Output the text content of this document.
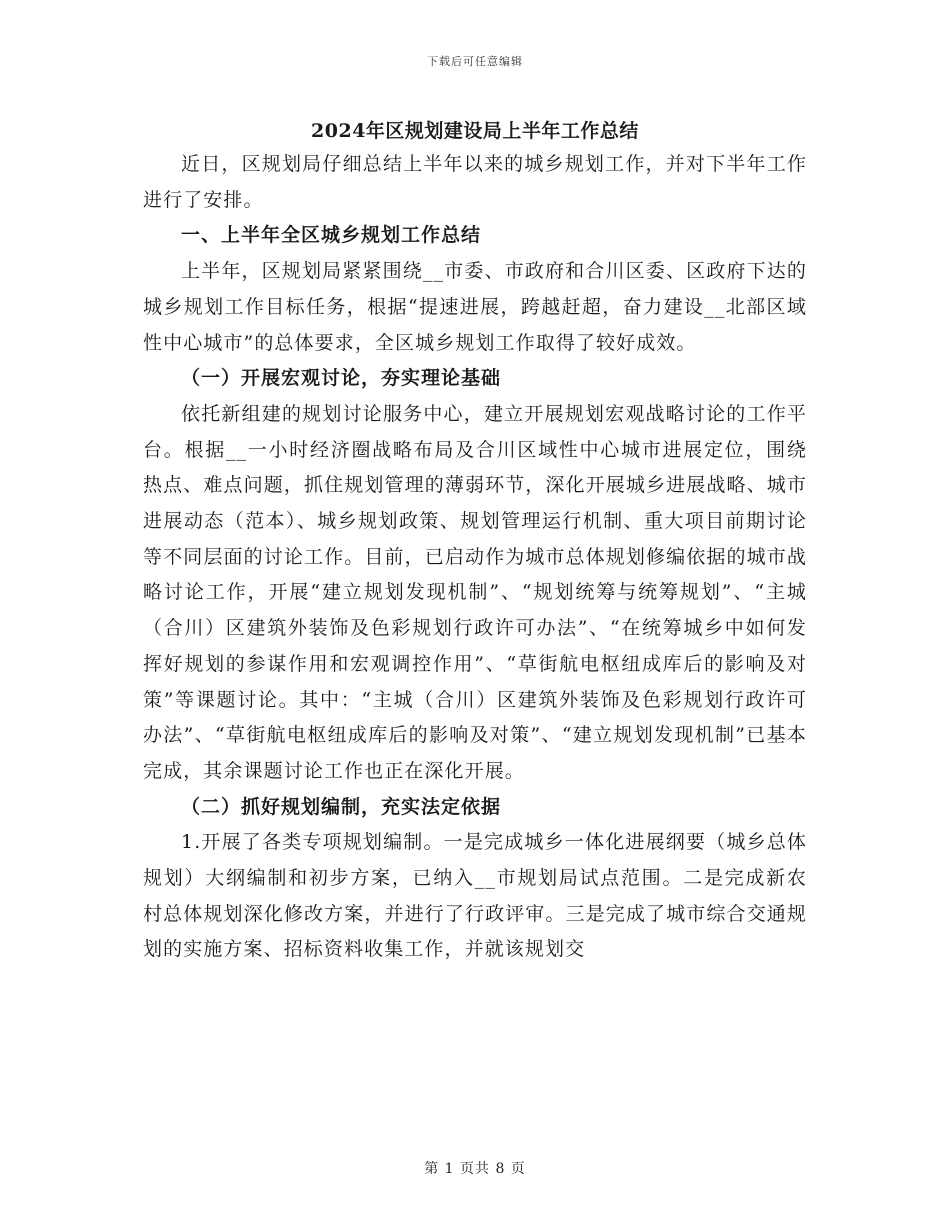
下载后可任意编辑
2024年区规划建设局上半年工作总结

近日，区规划局仔细总结上半年以来的城乡规划工作，并对下半年工作进行了安排。

一、上半年全区城乡规划工作总结

上半年，区规划局紧紧围绕__市委、市政府和合川区委、区政府下达的城乡规划工作目标任务，根据“提速进展，跨越赶超，奋力建设__北部区域性中心城市”的总体要求，全区城乡规划工作取得了较好成效。

（一）开展宏观讨论，夯实理论基础

依托新组建的规划讨论服务中心，建立开展规划宏观战略讨论的工作平台。根据__一小时经济圈战略布局及合川区域性中心城市进展定位，围绕热点、难点问题，抓住规划管理的薄弱环节，深化开展城乡进展战略、城市进展动态（范本）、城乡规划政策、规划管理运行机制、重大项目前期讨论等不同层面的讨论工作。目前，已启动作为城市总体规划修编依据的城市战略讨论工作，开展“建立规划发现机制”、“规划统筹与统筹规划”、“主城（合川）区建筑外装饰及色彩规划行政许可办法”、“在统筹城乡中如何发挥好规划的参谋作用和宏观调控作用”、“草街航电枢纽成库后的影响及对策”等课题讨论。其中：“主城（合川）区建筑外装饰及色彩规划行政许可办法”、“草街航电枢纽成库后的影响及对策”、“建立规划发现机制”已基本完成，其余课题讨论工作也正在深化开展。

（二）抓好规划编制，充实法定依据

1.开展了各类专项规划编制。一是完成城乡一体化进展纲要（城乡总体规划）大纲编制和初步方案，已纳入__市规划局试点范围。二是完成新农村总体规划深化修改方案，并进行了行政评审。三是完成了城市综合交通规划的实施方案、招标资料收集工作，并就该规划交

第 1 页共 8 页
